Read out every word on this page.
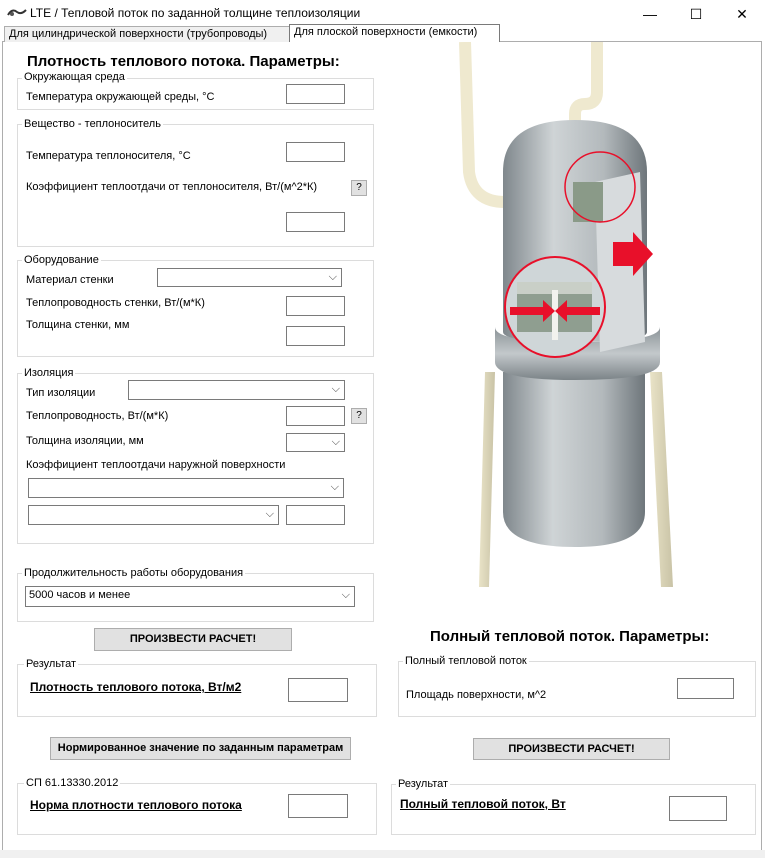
LTE / Тепловой поток по заданной толщине теплоизоляции	—	☐	✕
Для цилиндрической поверхности (трубопроводы)	Для плоской поверхности (емкости)
Плотность теплового потока. Параметры:
Окружающая среда
Температура окружающей среды, °С
Вещество - теплоноситель
Температура теплоносителя, °С
Коэффициент теплоотдачи от теплоносителя, Вт/(м^2*К)	?
Оборудование
Материал стенки	⌵
Теплопроводность стенки, Вт/(м*К)
Толщина стенки, мм
Изоляция
Тип изоляции	⌵
Теплопроводность, Вт/(м*К)	?
Толщина изоляции, мм	⌵
Коэффициент теплоотдачи наружной поверхности
⌵
⌵
Продолжительность работы оборудования
5000 часов и менее	⌵
ПРОИЗВЕСТИ РАСЧЕТ!
Результат
Плотность теплового потока, Вт/м2
Нормированное значение по заданным параметрам
СП 61.13330.2012
Норма плотности теплового потока
Полный тепловой поток. Параметры:
Полный тепловой поток
Площадь поверхности, м^2
ПРОИЗВЕСТИ РАСЧЕТ!
Результат
Полный тепловой поток, Вт
